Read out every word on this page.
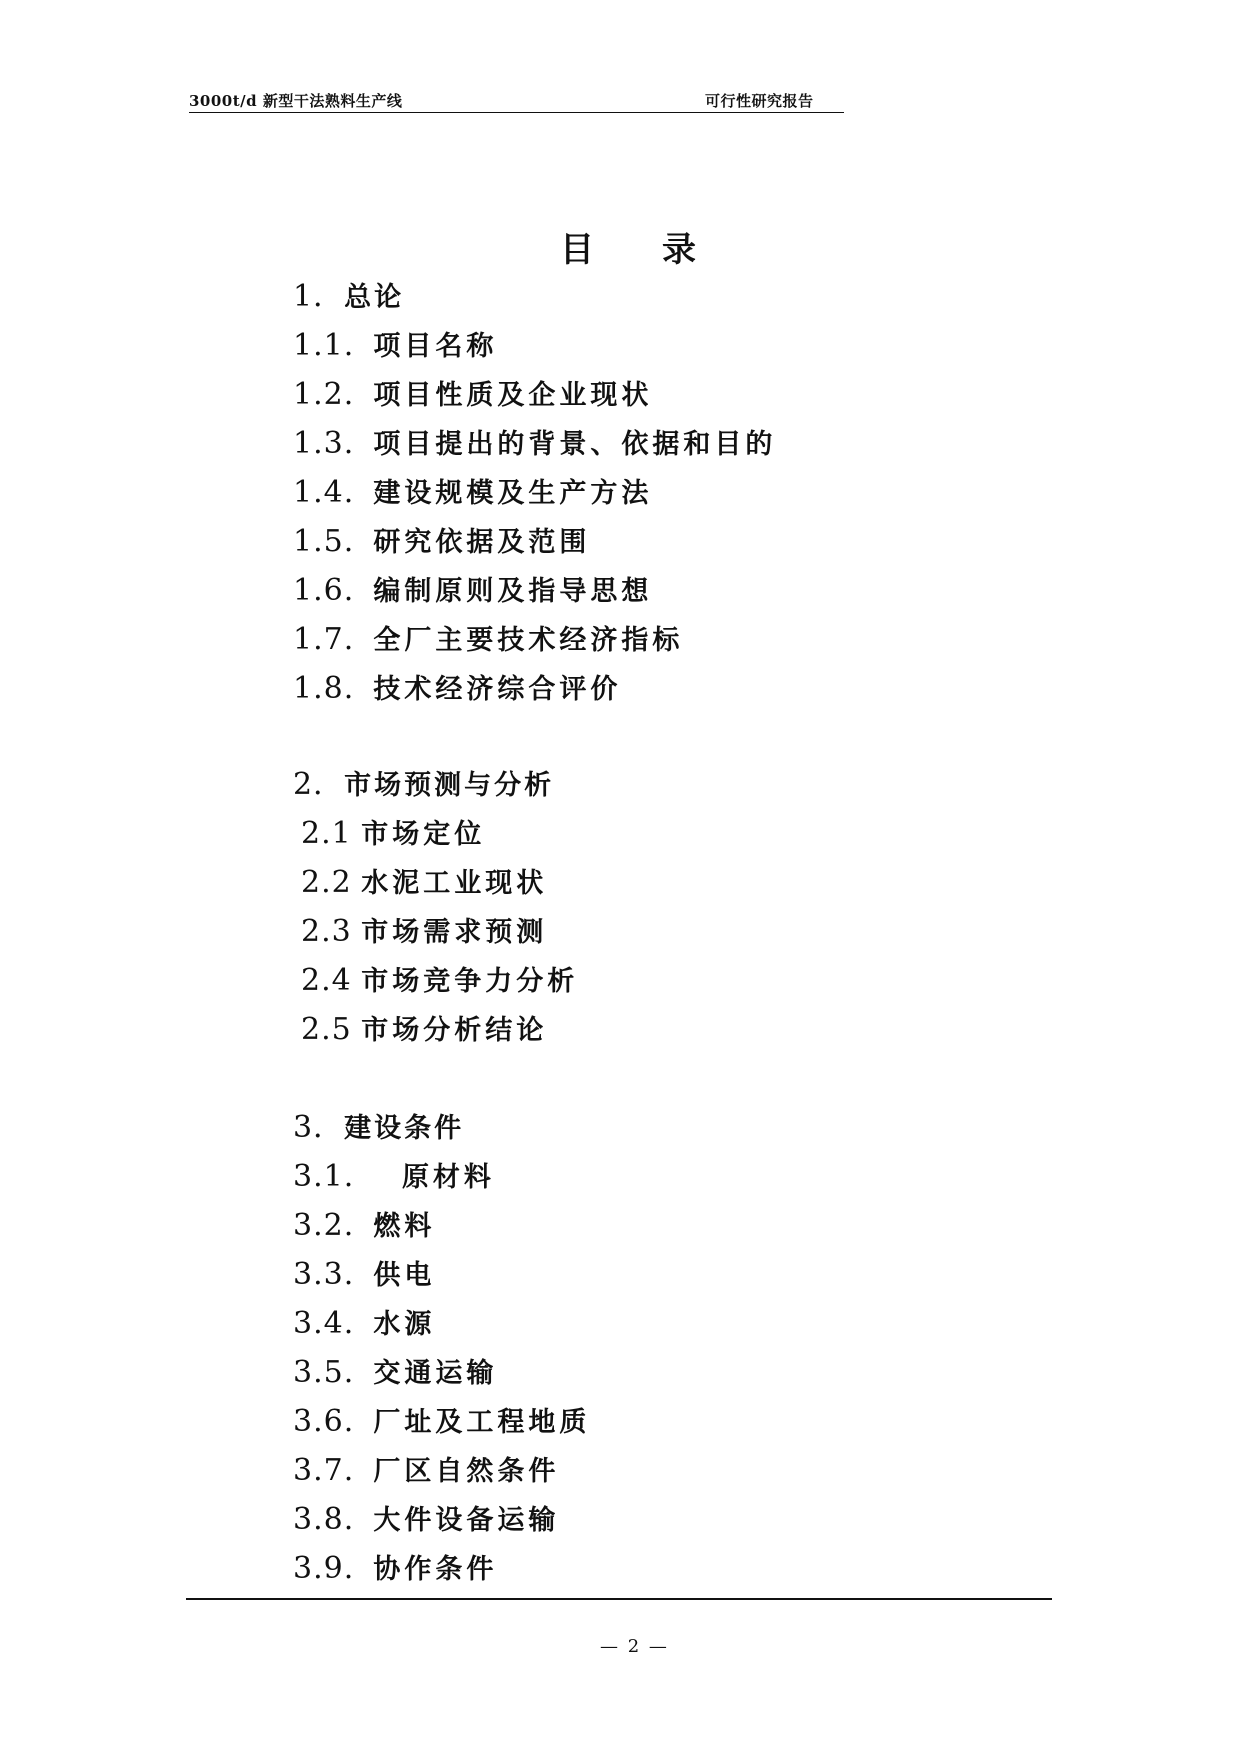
3000t/d 新型干法熟料生产线	可行性研究报告
目录
1．总论
1.1. 项目名称
1.2. 项目性质及企业现状
1.3. 项目提出的背景、依据和目的
1.4. 建设规模及生产方法
1.5. 研究依据及范围
1.6. 编制原则及指导思想
1.7. 全厂主要技术经济指标
1.8. 技术经济综合评价
2．市场预测与分析
2.1 市场定位
2.2 水泥工业现状
2.3 市场需求预测
2.4 市场竞争力分析
2.5 市场分析结论
3．建设条件
3.1. 原材料
3.2. 燃料
3.3. 供电
3.4. 水源
3.5. 交通运输
3.6. 厂址及工程地质
3.7. 厂区自然条件
3.8. 大件设备运输
3.9. 协作条件
— 2 —
